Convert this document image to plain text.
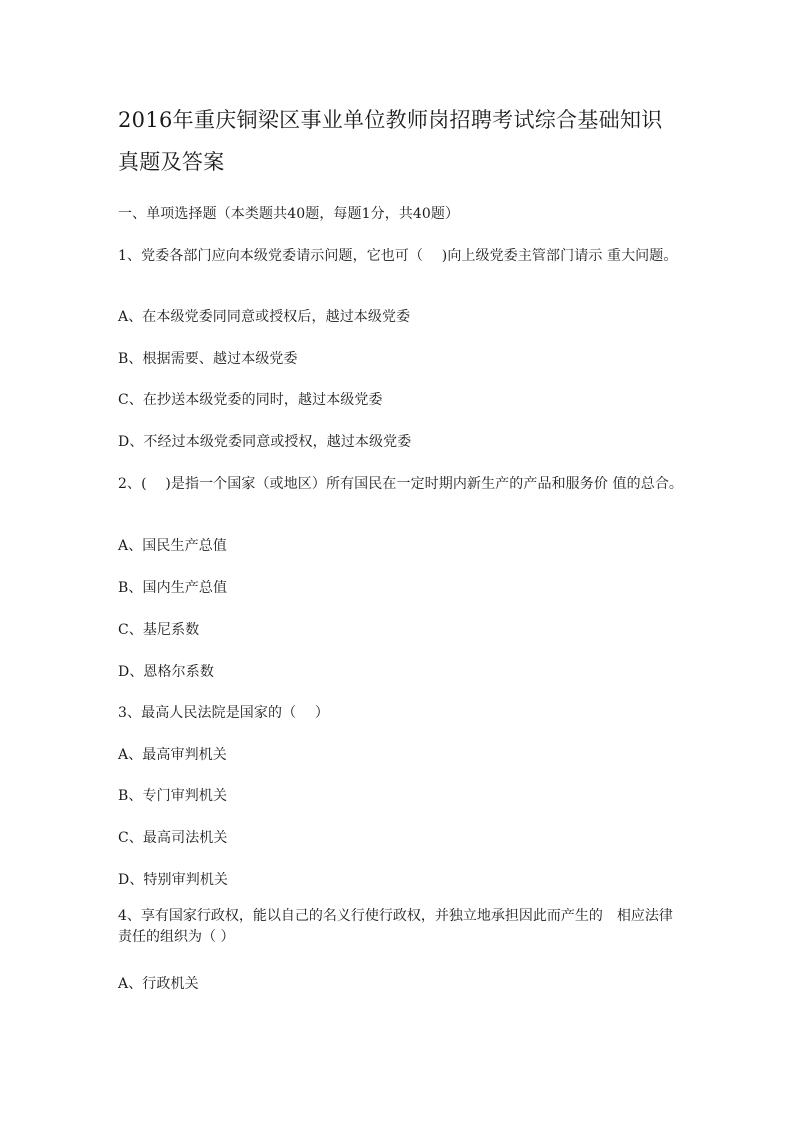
2016年重庆铜梁区事业单位教师岗招聘考试综合基础知识
真题及答案
一、单项选择题（本类题共40题，每题1分，共40题）
1、党委各部门应向本级党委请示问题，它也可（　 )向上级党委主管部门请示 重大问题。
A、在本级党委同同意或授权后，越过本级党委
B、根据需要、越过本级党委
C、在抄送本级党委的同时，越过本级党委
D、不经过本级党委同意或授权，越过本级党委
2、(　 )是指一个国家（或地区）所有国民在一定时期内新生产的产品和服务价 值的总合。
A、国民生产总值
B、国内生产总值
C、基尼系数
D、恩格尔系数
3、最高人民法院是国家的（　 ）
A、最高审判机关
B、专门审判机关
C、最高司法机关
D、特别审判机关
4、享有国家行政权，能以自己的名义行使行政权，并独立地承担因此而产生的　相应法律责任的组织为（ ）
A、行政机关
